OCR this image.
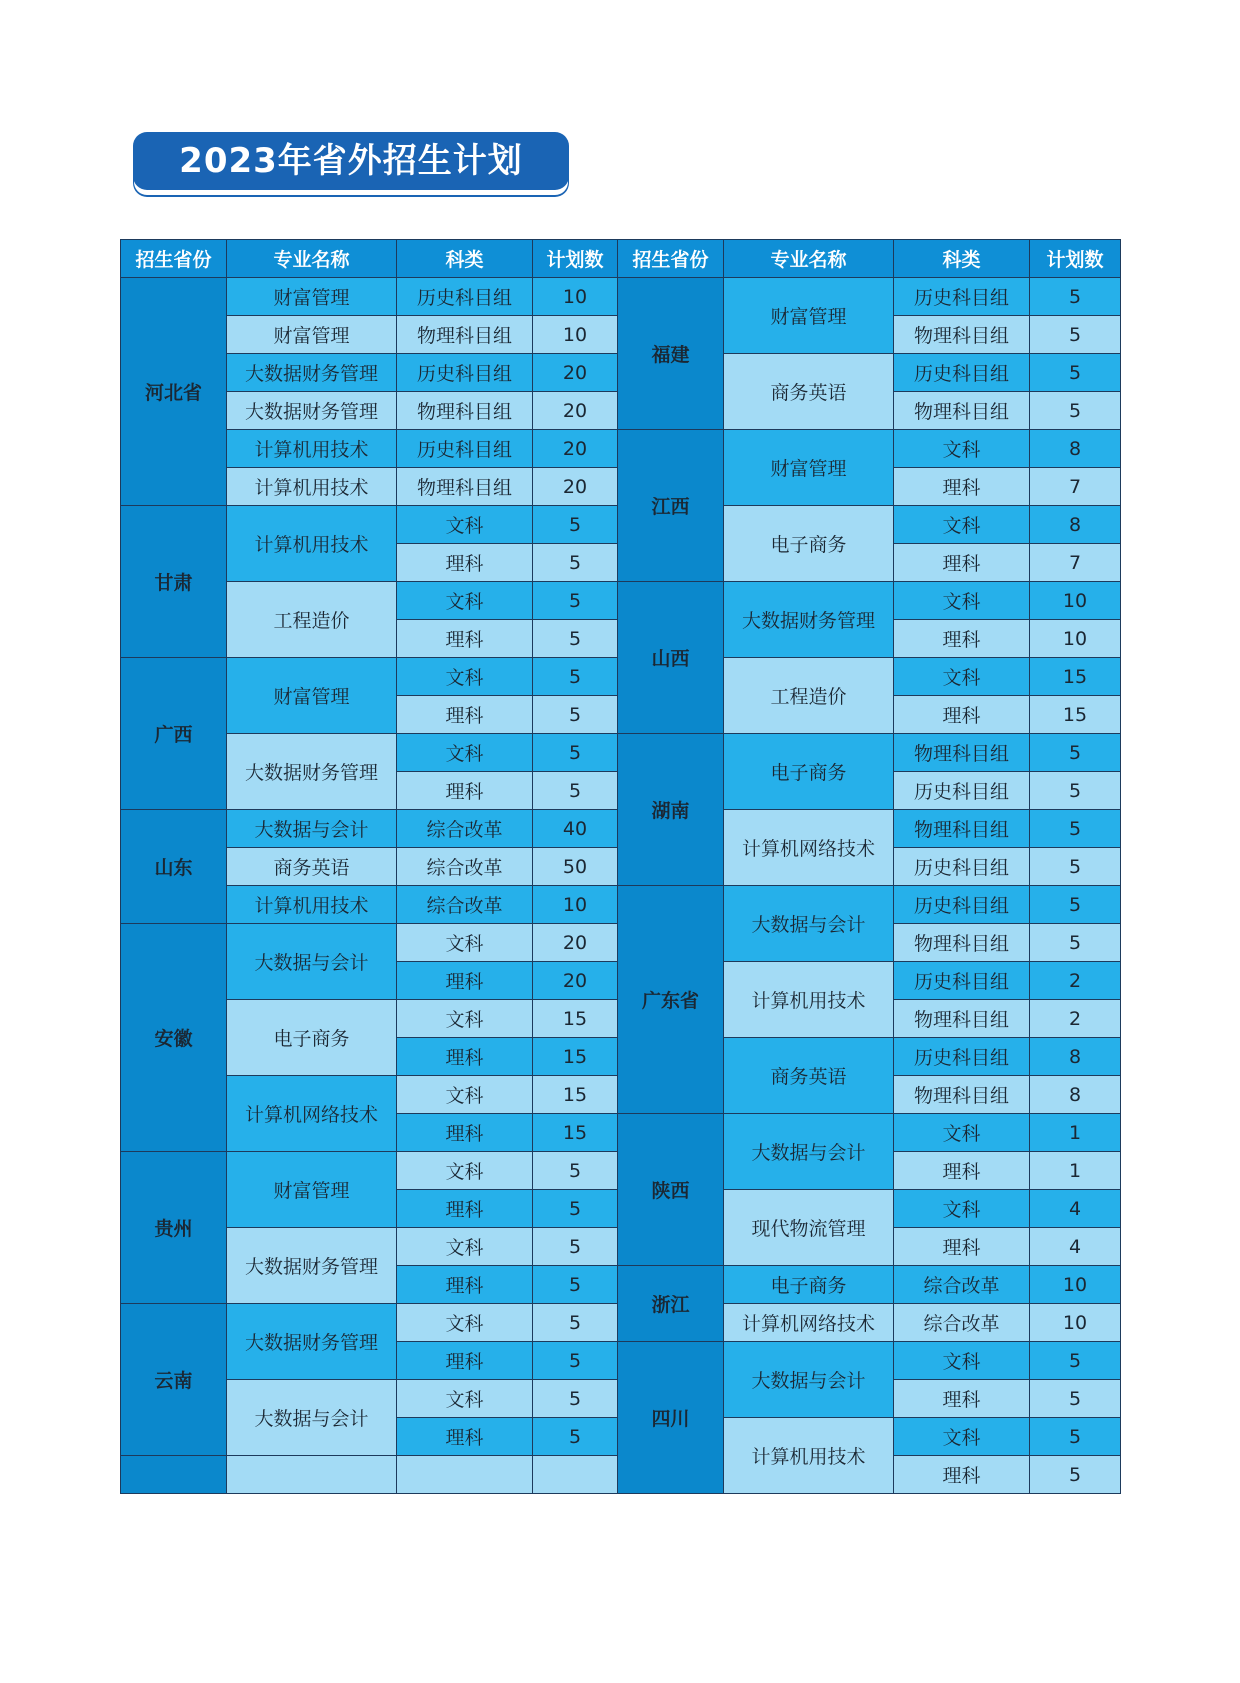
2023年省外招生计划
招生省份	专业名称	科类	计划数	招生省份	专业名称	科类	计划数
河北省	财富管理	历史科目组	10	福建	财富管理	历史科目组	5
	财富管理	物理科目组	10			物理科目组	5
	大数据财务管理	历史科目组	20		商务英语	历史科目组	5
	大数据财务管理	物理科目组	20			物理科目组	5
	计算机用技术	历史科目组	20	江西	财富管理	文科	8
	计算机用技术	物理科目组	20			理科	7
甘肃	计算机用技术	文科	5		电子商务	文科	8
		理科	5			理科	7
	工程造价	文科	5	山西	大数据财务管理	文科	10
		理科	5			理科	10
广西	财富管理	文科	5		工程造价	文科	15
		理科	5			理科	15
	大数据财务管理	文科	5	湖南	电子商务	物理科目组	5
		理科	5			历史科目组	5
山东	大数据与会计	综合改革	40		计算机网络技术	物理科目组	5
	商务英语	综合改革	50			历史科目组	5
	计算机用技术	综合改革	10	广东省	大数据与会计	历史科目组	5
安徽	大数据与会计	文科	20			物理科目组	5
		理科	20		计算机用技术	历史科目组	2
	电子商务	文科	15			物理科目组	2
		理科	15		商务英语	历史科目组	8
	计算机网络技术	文科	15			物理科目组	8
		理科	15	陕西	大数据与会计	文科	1
贵州	财富管理	文科	5			理科	1
		理科	5		现代物流管理	文科	4
	大数据财务管理	文科	5			理科	4
		理科	5	浙江	电子商务	综合改革	10
云南	大数据财务管理	文科	5		计算机网络技术	综合改革	10
		理科	5	四川	大数据与会计	文科	5
	大数据与会计	文科	5			理科	5
		理科	5		计算机用技术	文科	5
						理科	5
